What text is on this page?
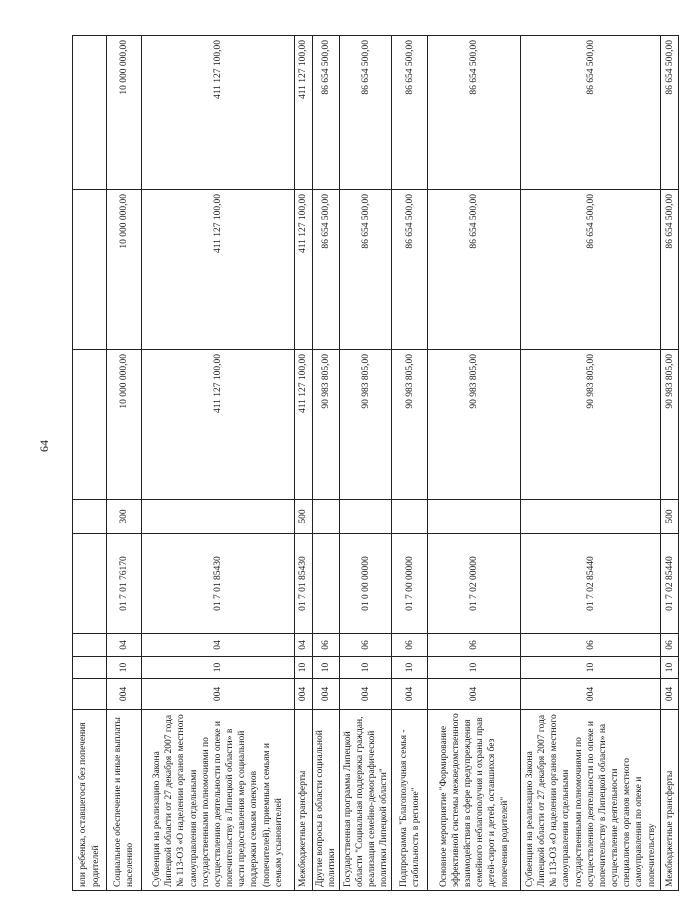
64
или ребенка, оставшегося без попечения родителей								
Социальное обеспечение и иные выплаты населению	004	10	04	01 7 01 76170	300	10 000 000,00	10 000 000,00	10 000 000,00
Субвенция на реализацию Закона Липецкой области от 27 декабря 2007 года № 113-ОЗ «О наделении органов местного самоуправления отдельными государственными полномочиями по осуществлению деятельности по опеке и попечительству в Липецкой области» в части предоставления мер социальной поддержки семьям опекунов (попечителей), приемным семьям и семьям усыновителей	004	10	04	01 7 01 85430		411 127 100,00	411 127 100,00	411 127 100,00
Межбюджетные трансферты	004	10	04	01 7 01 85430	500	411 127 100,00	411 127 100,00	411 127 100,00
Другие вопросы в области социальной политики	004	10	06			90 983 805,00	86 654 500,00	86 654 500,00
Государственная программа Липецкой области "Социальная поддержка граждан, реализация семейно-демографической политики Липецкой области"	004	10	06	01 0 00 00000		90 983 805,00	86 654 500,00	86 654 500,00
Подпрограмма "Благополучная семья - стабильность в регионе"	004	10	06	01 7 00 00000		90 983 805,00	86 654 500,00	86 654 500,00
Основное мероприятие "Формирование эффективной системы межведомственного взаимодействия в сфере предупреждения семейного неблагополучия и охраны прав детей-сирот и детей, оставшихся без попечения родителей"	004	10	06	01 7 02 00000		90 983 805,00	86 654 500,00	86 654 500,00
Субвенция на реализацию Закона Липецкой области от 27 декабря 2007 года № 113-ОЗ «О наделении органов местного самоуправления отдельными государственными полномочиями по осуществлению деятельности по опеке и попечительству в Липецкой области» на осуществление деятельности специалистов органов местного самоуправления по опеке и попечительству	004	10	06	01 7 02 85440		90 983 805,00	86 654 500,00	86 654 500,00
Межбюджетные трансферты	004	10	06	01 7 02 85440	500	90 983 805,00	86 654 500,00	86 654 500,00
